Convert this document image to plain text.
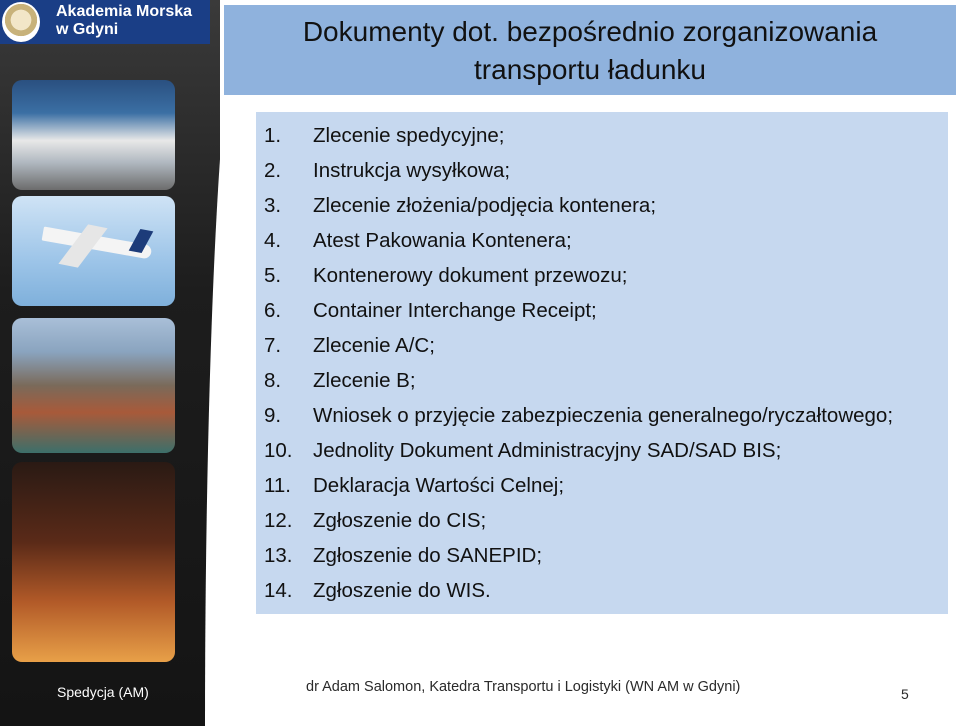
Akademia Morska
w Gdyni	Dokumenty dot. bezpośrednio zorganizowania
transportu ładunku
1. Zlecenie spedycyjne;
2. Instrukcja wysyłkowa;
3. Zlecenie złożenia/podjęcia kontenera;
4. Atest Pakowania Kontenera;
5. Kontenerowy dokument przewozu;
6. Container Interchange Receipt;
7. Zlecenie A/C;
8. Zlecenie B;
9. Wniosek o przyjęcie zabezpieczenia generalnego/ryczałtowego;
10. Jednolity Dokument Administracyjny SAD/SAD BIS;
11. Deklaracja Wartości Celnej;
12. Zgłoszenie do CIS;
13. Zgłoszenie do SANEPID;
14. Zgłoszenie do WIS.
Spedycja (AM)	dr Adam Salomon, Katedra Transportu i Logistyki (WN AM w Gdyni)	5
